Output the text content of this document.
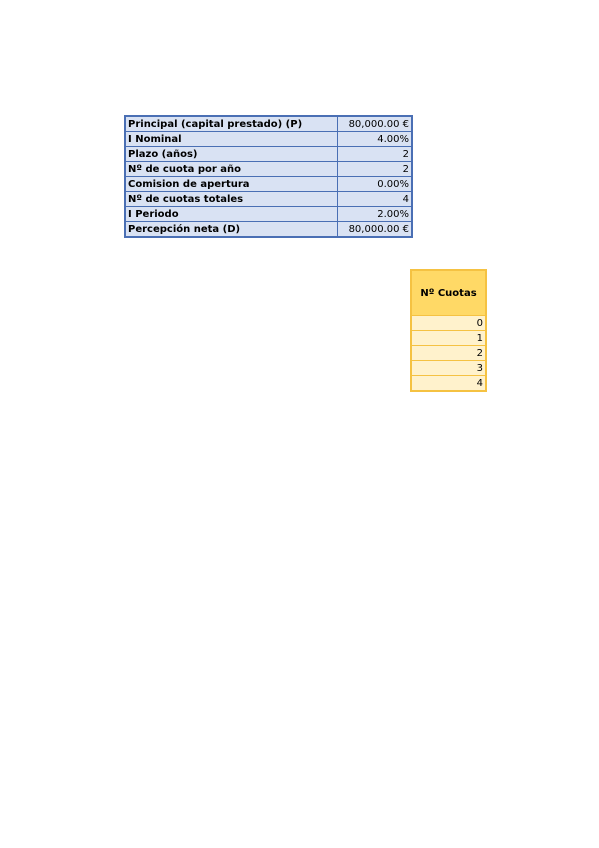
Principal (capital prestado) (P)	80,000.00 €
I Nominal	4.00%
Plazo (años)	2
Nº de cuota por año	2
Comision de apertura	0.00%
Nº de cuotas totales	4
I Periodo	2.00%
Percepción neta (D)	80,000.00 €
Nº Cuotas
0
1
2
3
4
